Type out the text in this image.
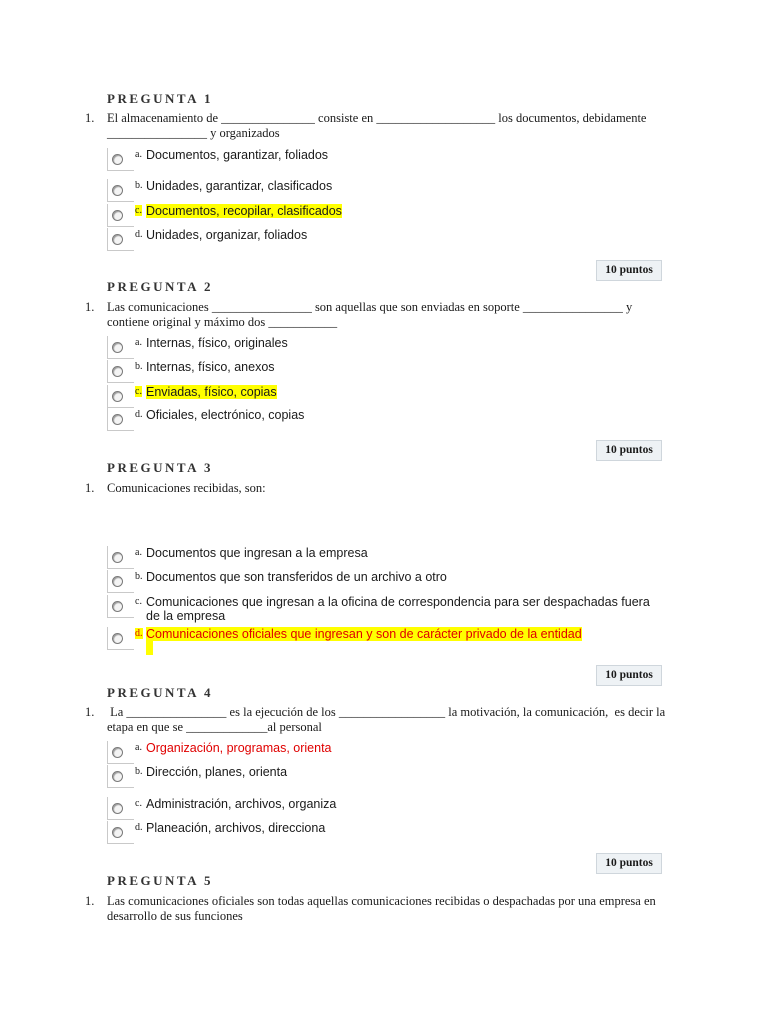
PREGUNTA 1
1. El almacenamiento de _______________ consiste en ___________________ los documentos, debidamente ________________ y organizados
a. Documentos, garantizar, foliados
b. Unidades, garantizar, clasificados
c. Documentos, recopilar, clasificados
d. Unidades, organizar, foliados
10 puntos
PREGUNTA 2
1. Las comunicaciones ________________ son aquellas que son enviadas en soporte ________________ y contiene original y máximo dos ___________
a. Internas, físico, originales
b. Internas, físico, anexos
c. Enviadas, físico, copias
d. Oficiales, electrónico, copias
10 puntos
PREGUNTA 3
1. Comunicaciones recibidas, son:
a. Documentos que ingresan a la empresa
b. Documentos que son transferidos de un archivo a otro
c. Comunicaciones que ingresan a la oficina de correspondencia para ser despachadas fuera de la empresa
d. Comunicaciones oficiales que ingresan y son de carácter privado de la entidad
10 puntos
PREGUNTA 4
1. La ________________ es la ejecución de los _________________ la motivación, la comunicación,  es decir la etapa en que se _____________al personal
a. Organización, programas, orienta
b. Dirección, planes, orienta
c. Administración, archivos, organiza
d. Planeación, archivos, direcciona
10 puntos
PREGUNTA 5
1. Las comunicaciones oficiales son todas aquellas comunicaciones recibidas o despachadas por una empresa en desarrollo de sus funciones
